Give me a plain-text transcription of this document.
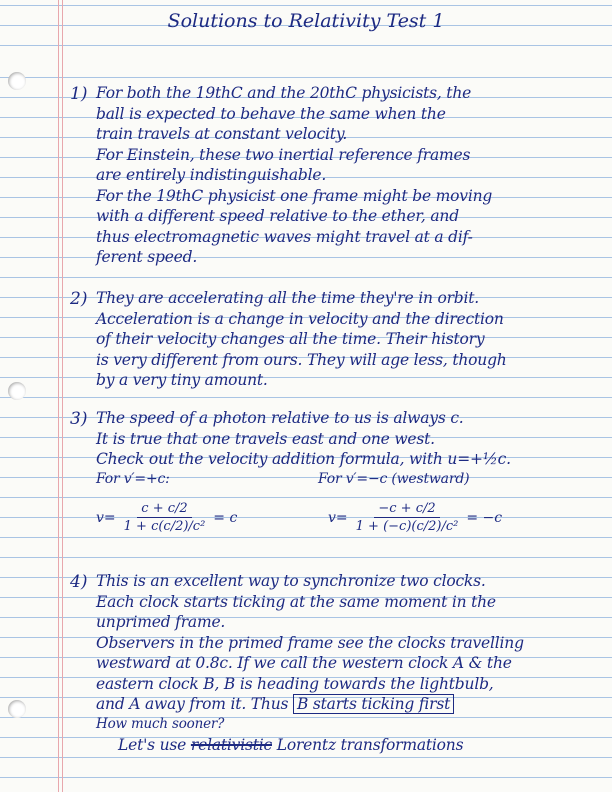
Solutions to Relativity Test 1
1) For both the 19thC and the 20thC physicists, the
ball is expected to behave the same when the
train travels at constant velocity.
For Einstein, these two inertial reference frames
are entirely indistinguishable.
For the 19thC physicist one frame might be moving
with a different speed relative to the ether, and
thus electromagnetic waves might travel at a dif-
ferent speed.
2) They are accelerating all the time they're in orbit.
Acceleration is a change in velocity and the direction
of their velocity changes all the time. Their history
is very different from ours. They will age less, though
by a very tiny amount.
3) The speed of a photon relative to us is always c.
It is true that one travels east and one west.
Check out the velocity addition formula, with u=+½c.
For v′=+c:	For v′=−c (westward)
$v= \frac{c + c/2}{\text{1 + c(c/2)/c²}} = c$	$v= \frac{-c + c/2}{\text{1 + (−c)(c/2)/c²}} = -c$
4) This is an excellent way to synchronize two clocks.
Each clock starts ticking at the same moment in the
unprimed frame.
Observers in the primed frame see the clocks travelling
westward at 0.8c. If we call the western clock A & the
eastern clock B, B is heading towards the lightbulb,
and A away from it. Thus B starts ticking first
How much sooner?
Let's use relativistic Lorentz transformations
